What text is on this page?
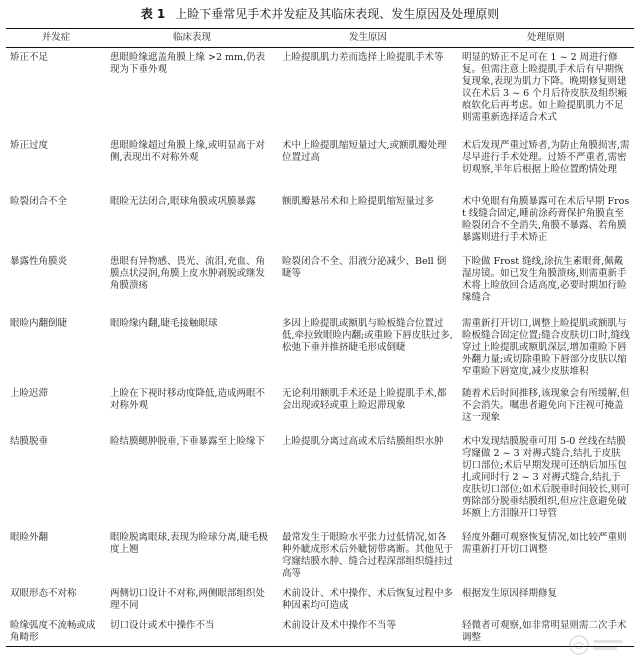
表 1 上睑下垂常见手术并发症及其临床表现、发生原因及处理原则
并发症	临床表现	发生原因	处理原则
矫正不足	患眼睑缘遮盖角膜上缘 >2 mm,仍表现为下垂外观	上睑提肌肌力差而选择上睑提肌手术等	明显的矫正不足可在 1 ~ 2 周进行修复。但需注意上睑提肌手术后有早期恢复现象,表现为肌力下降。晚期修复则建议在术后 3 ~ 6 个月后待皮肤及组织瘢痕软化后再考虑。如上睑提肌肌力不足则需重新选择适合术式
矫正过度	患眼睑缘超过角膜上缘,或明显高于对侧,表现出不对称外观	术中上睑提肌缩短量过大,或额肌瓣处理位置过高	术后发现严重过矫者,为防止角膜损害,需尽早进行手术处理。过矫不严重者,需密切观察,半年后根据上睑位置酌情处理
睑裂闭合不全	眼睑无法闭合,眼球角膜或巩膜暴露	额肌瓣悬吊术和上睑提肌缩短量过多	术中免眼有角膜暴露可在术后早期 Frost 线缝合固定,睡前涂药膏保护角膜直至睑裂闭合不全消失,角膜不暴露、若角膜暴露则进行手术矫正
暴露性角膜炎	患眼有异物感、畏光、流泪,充血、角膜点状浸润,角膜上皮水肿剥脱或继发角膜溃疡	睑裂闭合不全、泪液分泌减少、Bell 倒睫等	下睑做 Frost 缝线,涂抗生素眼膏,佩戴湿房镜。如已发生角膜溃疡,则需重新手术将上睑放回合适高度,必要时期加行睑缘缝合
眼睑内翻倒睫	眼睑缘内翻,睫毛接触眼球	多因上睑提肌或额肌与睑板缝合位置过低,牵拉致眼睑内翻;或重睑下唇皮肤过多,松弛下垂并推挤睫毛形成倒睫	需重新打开切口,调整上睑提肌或额肌与睑板缝合固定位置;缝合皮肤切口时,缝线穿过上睑提肌或额肌深层,增加重睑下唇外翻力量;或切除重睑下唇部分皮肤以缩窄重睑下唇宽度,减少皮肤堆积
上睑迟滞	上睑在下视时移动度降低,造成两眼不对称外观	无论利用额肌手术还是上睑提肌手术,都会出现或轻或重上睑迟滞现象	随着术后时间推移,该现象会有所缓解,但不会消失。嘱患者避免向下注视可掩盖这一现象
结膜脱垂	睑结膜鳃肿脱垂,下垂暴露至上睑缘下	上睑提肌分离过高或术后结膜组织水肿	术中发现结膜脱垂可用 5-0 丝线在结膜穹窿做 2 ~ 3 对褥式缝合,结扎于皮肤切口部位;术后早期发现可还纳后加压包扎或同时行 2 ~ 3 对褥式缝合,结扎于皮肤切口部位;如术后脱垂时间较长,则可剪除部分脱垂结膜组织,但应注意避免破坏额上方泪腺开口导管
眼睑外翻	眼睑脱离眼球,表现为睑球分离,睫毛极度上翘	最常发生于眼睑水平张力过低情况,如各种外眦成形术后外眦韧带离断。其他见于穹窿结膜水肿、缝合过程深部组织缝挂过高等	轻度外翻可观察恢复情况,如比较严重则需重新打开切口调整
双眼形态不对称	两侧切口设计不对称,两侧眼部组织处理不同	术前设计、术中操作、术后恢复过程中多种因素均可造成	根据发生原因择期修复
睑缘弧度不流畅或成角畸形	切口设计或术中操作不当	术前设计及术中操作不当等	轻微者可观察,如非常明显则需二次手术调整
